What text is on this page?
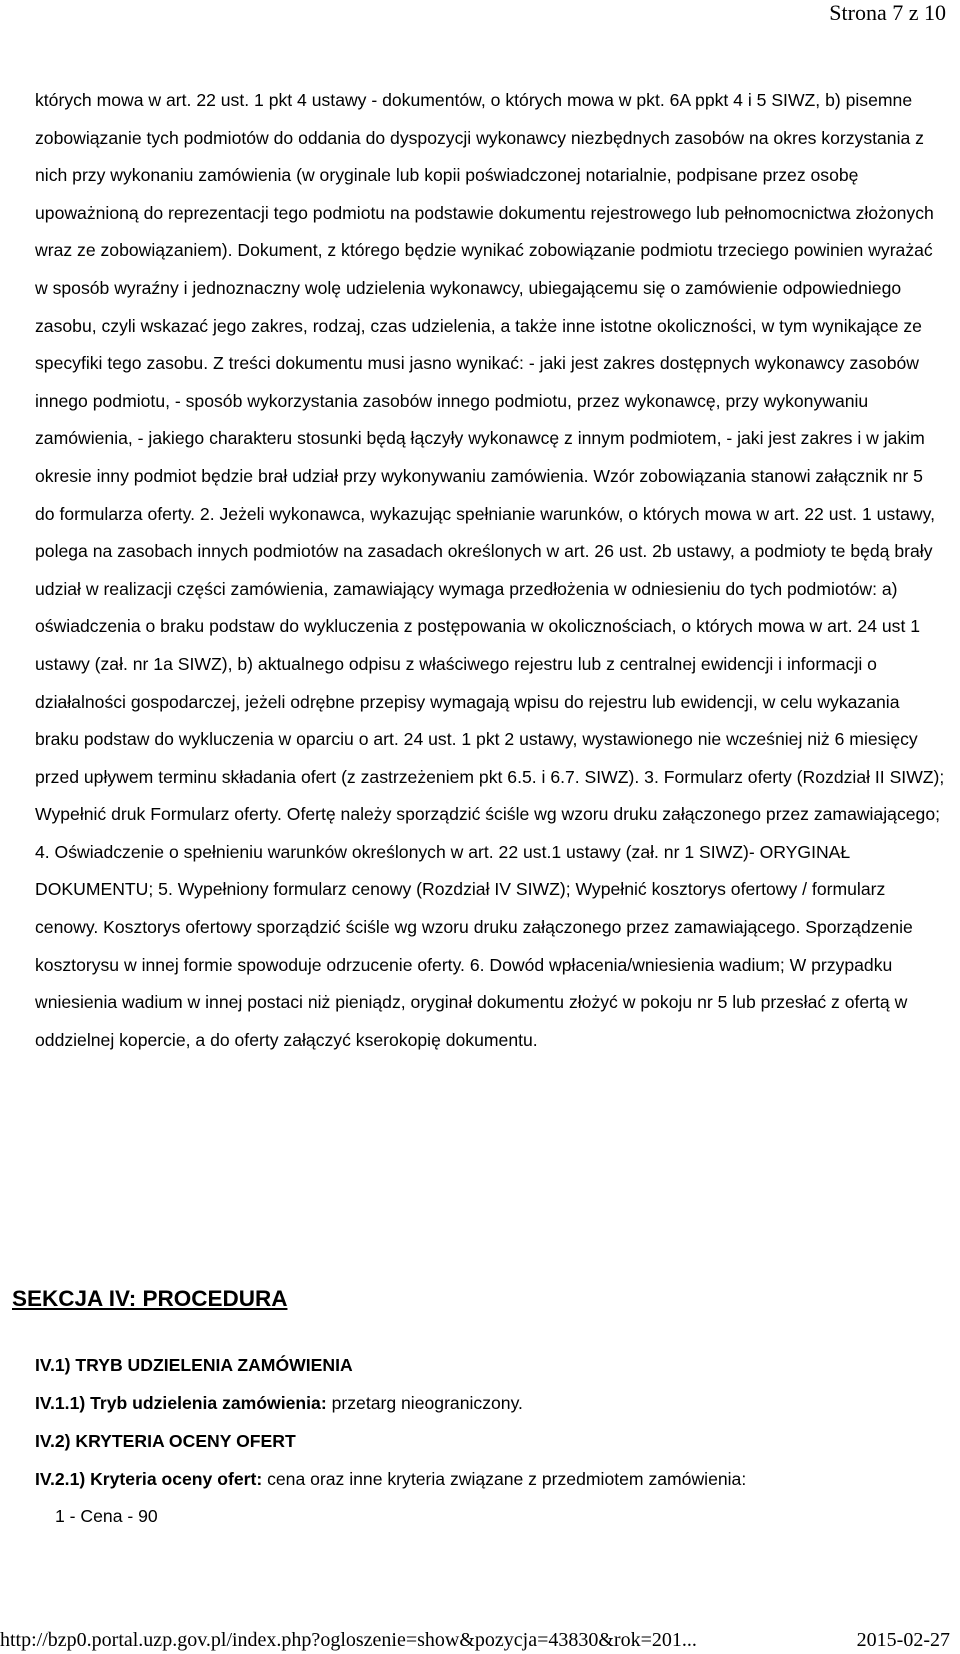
Strona 7 z 10

których mowa w art. 22 ust. 1 pkt 4 ustawy - dokumentów, o których mowa w pkt. 6A ppkt 4 i 5 SIWZ, b) pisemne zobowiązanie tych podmiotów do oddania do dyspozycji wykonawcy niezbędnych zasobów na okres korzystania z nich przy wykonaniu zamówienia (w oryginale lub kopii poświadczonej notarialnie, podpisane przez osobę upoważnioną do reprezentacji tego podmiotu na podstawie dokumentu rejestrowego lub pełnomocnictwa złożonych wraz ze zobowiązaniem). Dokument, z którego będzie wynikać zobowiązanie podmiotu trzeciego powinien wyrażać w sposób wyraźny i jednoznaczny wolę udzielenia wykonawcy, ubiegającemu się o zamówienie odpowiedniego zasobu, czyli wskazać jego zakres, rodzaj, czas udzielenia, a także inne istotne okoliczności, w tym wynikające ze specyfiki tego zasobu. Z treści dokumentu musi jasno wynikać: - jaki jest zakres dostępnych wykonawcy zasobów innego podmiotu, - sposób wykorzystania zasobów innego podmiotu, przez wykonawcę, przy wykonywaniu zamówienia, - jakiego charakteru stosunki będą łączyły wykonawcę z innym podmiotem, - jaki jest zakres i w jakim okresie inny podmiot będzie brał udział przy wykonywaniu zamówienia. Wzór zobowiązania stanowi załącznik nr 5 do formularza oferty. 2. Jeżeli wykonawca, wykazując spełnianie warunków, o których mowa w art. 22 ust. 1 ustawy, polega na zasobach innych podmiotów na zasadach określonych w art. 26 ust. 2b ustawy, a podmioty te będą brały udział w realizacji części zamówienia, zamawiający wymaga przedłożenia w odniesieniu do tych podmiotów: a) oświadczenia o braku podstaw do wykluczenia z postępowania w okolicznościach, o których mowa w art. 24 ust 1 ustawy (zał. nr 1a SIWZ), b) aktualnego odpisu z właściwego rejestru lub z centralnej ewidencji i informacji o działalności gospodarczej, jeżeli odrębne przepisy wymagają wpisu do rejestru lub ewidencji, w celu wykazania braku podstaw do wykluczenia w oparciu o art. 24 ust. 1 pkt 2 ustawy, wystawionego nie wcześniej niż 6 miesięcy przed upływem terminu składania ofert (z zastrzeżeniem pkt 6.5. i 6.7. SIWZ). 3. Formularz oferty (Rozdział II SIWZ); Wypełnić druk Formularz oferty. Ofertę należy sporządzić ściśle wg wzoru druku załączonego przez zamawiającego; 4. Oświadczenie o spełnieniu warunków określonych w art. 22 ust.1 ustawy (zał. nr 1 SIWZ)- ORYGINAŁ DOKUMENTU; 5. Wypełniony formularz cenowy (Rozdział IV SIWZ); Wypełnić kosztorys ofertowy / formularz cenowy. Kosztorys ofertowy sporządzić ściśle wg wzoru druku załączonego przez zamawiającego. Sporządzenie kosztorysu w innej formie spowoduje odrzucenie oferty. 6. Dowód wpłacenia/wniesienia wadium; W przypadku wniesienia wadium w innej postaci niż pieniądz, oryginał dokumentu złożyć w pokoju nr 5 lub przesłać z ofertą w oddzielnej kopercie, a do oferty załączyć kserokopię dokumentu.

SEKCJA IV: PROCEDURA
IV.1) TRYB UDZIELENIA ZAMÓWIENIA
IV.1.1) Tryb udzielenia zamówienia: przetarg nieograniczony.
IV.2) KRYTERIA OCENY OFERT
IV.2.1) Kryteria oceny ofert: cena oraz inne kryteria związane z przedmiotem zamówienia:
1 - Cena - 90
http://bzp0.portal.uzp.gov.pl/index.php?ogloszenie=show&pozycja=43830&rok=201...	2015-02-27
